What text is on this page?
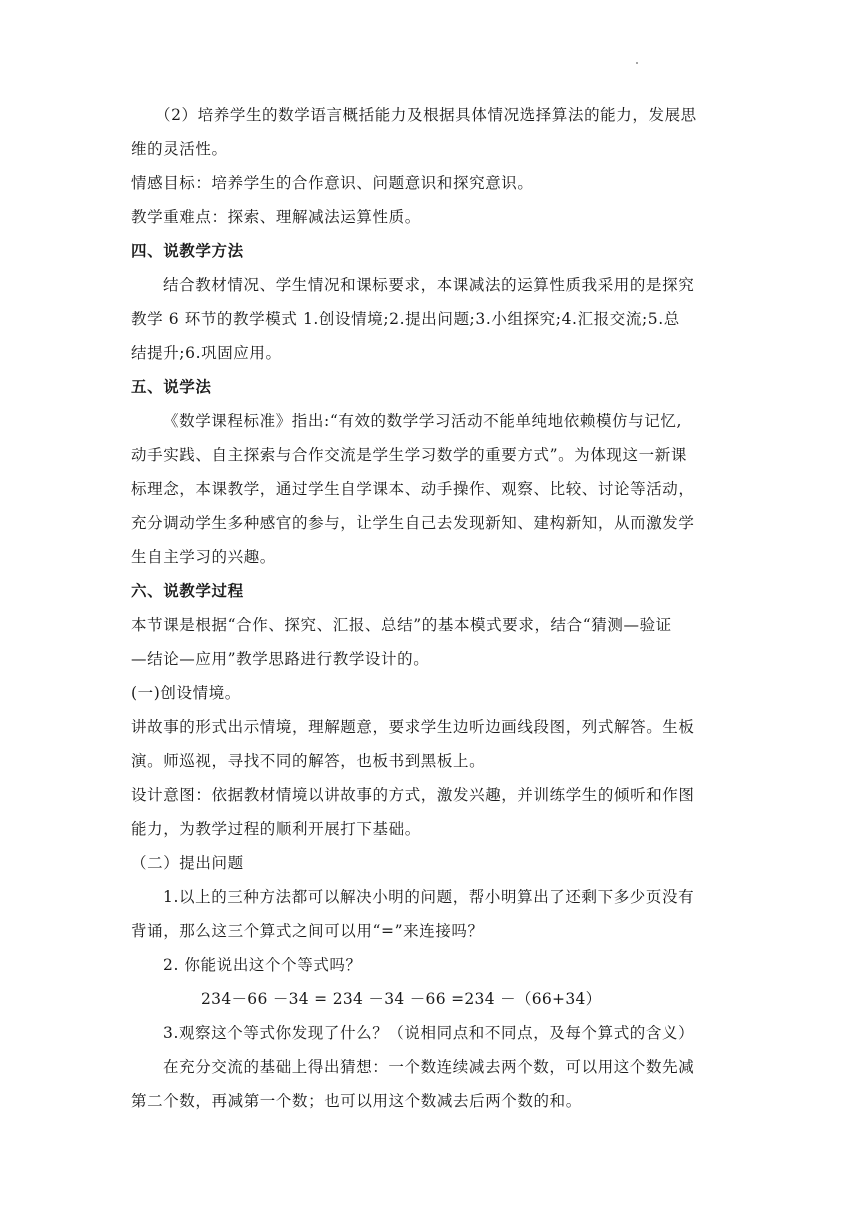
（2）培养学生的数学语言概括能力及根据具体情况选择算法的能力，发展思
维的灵活性。
情感目标：培养学生的合作意识、问题意识和探究意识。
教学重难点：探索、理解减法运算性质。
四、说教学方法
结合教材情况、学生情况和课标要求，本课减法的运算性质我采用的是探究
教学 6 环节的教学模式 1.创设情境;2.提出问题;3.小组探究;4.汇报交流;5.总
结提升;6.巩固应用。
五、说学法
《数学课程标准》指出:“有效的数学学习活动不能单纯地依赖模仿与记忆,
动手实践、自主探索与合作交流是学生学习数学的重要方式”。为体现这一新课
标理念，本课教学，通过学生自学课本、动手操作、观察、比较、讨论等活动，
充分调动学生多种感官的参与，让学生自己去发现新知、建构新知，从而激发学
生自主学习的兴趣。
六、说教学过程
本节课是根据“合作、探究、汇报、总结”的基本模式要求，结合“猜测—验证
—结论—应用”教学思路进行教学设计的。
(一)创设情境。
讲故事的形式出示情境，理解题意，要求学生边听边画线段图，列式解答。生板
演。师巡视，寻找不同的解答，也板书到黑板上。
设计意图：依据教材情境以讲故事的方式，激发兴趣，并训练学生的倾听和作图
能力，为教学过程的顺利开展打下基础。
（二）提出问题
1.以上的三种方法都可以解决小明的问题，帮小明算出了还剩下多少页没有
背诵，那么这三个算式之间可以用“=”来连接吗？
2. 你能说出这个个等式吗？
234－66 －34 = 234 －34 －66 =234 －（66+34）
3.观察这个等式你发现了什么？（说相同点和不同点，及每个算式的含义）
在充分交流的基础上得出猜想：一个数连续减去两个数，可以用这个数先减
第二个数，再减第一个数；也可以用这个数减去后两个数的和。
